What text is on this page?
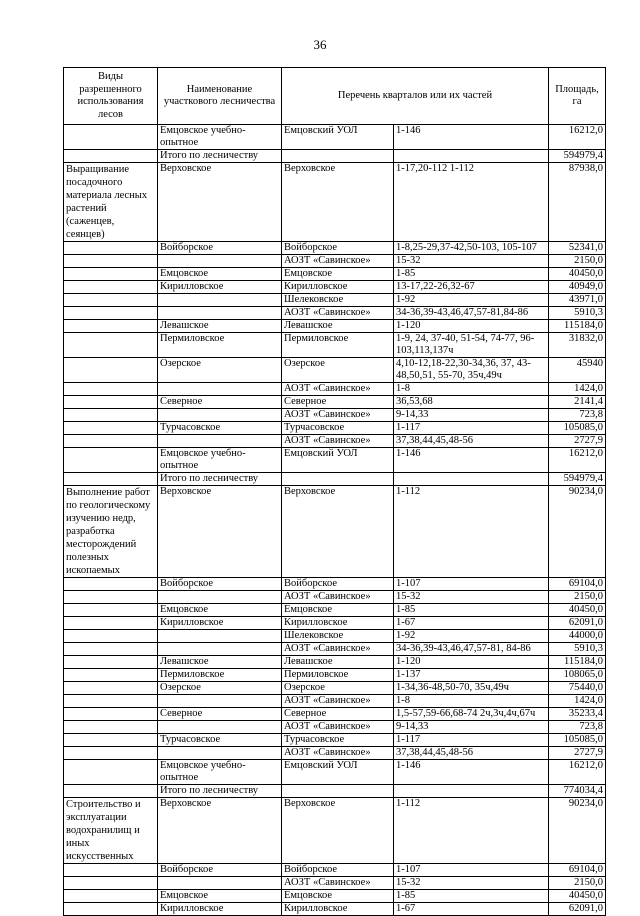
36
Виды разрешенного использования лесов	Наименование участкового лесничества	Перечень кварталов или их частей		Площадь, га
	Емцовское учебно-опытное	Емцовский УОЛ	1-146	16212,0
	Итого по лесничеству			594979,4
Выращивание посадочного материала лесных растений (саженцев, сеянцев)	Верховское	Верховское	1-17,20-112 1-112	87938,0
	Войборское	Войборское	1-8,25-29,37-42,50-103, 105-107	52341,0
		АОЗТ «Савинское»	15-32	2150,0
	Емцовское	Емцовское	1-85	40450,0
	Кирилловское	Кирилловское	13-17,22-26,32-67	40949,0
		Шелековское	1-92	43971,0
		АОЗТ «Савинское»	34-36,39-43,46,47,57-81,84-86	5910,3
	Левашское	Левашское	1-120	115184,0
	Пермиловское	Пермиловское	1-9, 24, 37-40, 51-54, 74-77, 96-103,113,137ч	31832,0
	Озерское	Озерское	4,10-12,18-22,30-34,36, 37, 43-48,50,51, 55-70, 35ч,49ч	45940
		АОЗТ «Савинское»	1-8	1424,0
	Северное	Северное	36,53,68	2141,4
		АОЗТ «Савинское»	9-14,33	723,8
	Турчасовское	Турчасовское	1-117	105085,0
		АОЗТ «Савинское»	37,38,44,45,48-56	2727,9
	Емцовское учебно-опытное	Емцовский УОЛ	1-146	16212,0
	Итого по лесничеству			594979,4
Выполнение работ по геологическому изучению недр, разработка месторождений полезных ископаемых	Верховское	Верховское	1-112	90234,0
	Войборское	Войборское	1-107	69104,0
		АОЗТ «Савинское»	15-32	2150,0
	Емцовское	Емцовское	1-85	40450,0
	Кирилловское	Кирилловское	1-67	62091,0
		Шелековское	1-92	44000,0
		АОЗТ «Савинское»	34-36,39-43,46,47,57-81, 84-86	5910,3
	Левашское	Левашское	1-120	115184,0
	Пермиловское	Пермиловское	1-137	108065,0
	Озерское	Озерское	1-34,36-48,50-70, 35ч,49ч	75440,0
		АОЗТ «Савинское»	1-8	1424,0
	Северное	Северное	1,5-57,59-66,68-74 2ч,3ч,4ч,67ч	35233,4
		АОЗТ «Савинское»	9-14,33	723,8
	Турчасовское	Турчасовское	1-117	105085,0
		АОЗТ «Савинское»	37,38,44,45,48-56	2727,9
	Емцовское учебно-опытное	Емцовский УОЛ	1-146	16212,0
	Итого по лесничеству			774034,4
Строительство и эксплуатации водохранилищ и иных искусственных	Верховское	Верховское	1-112	90234,0
	Войборское	Войборское	1-107	69104,0
		АОЗТ «Савинское»	15-32	2150,0
	Емцовское	Емцовское	1-85	40450,0
	Кирилловское	Кирилловское	1-67	62091,0
